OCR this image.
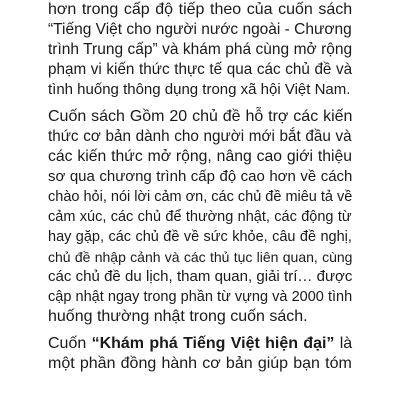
hơn trong cấp độ tiếp theo của cuốn sách
“Tiếng Việt cho người nước ngoài - Chương
trình Trung cấp” và khám phá cùng mở rộng
phạm vi kiến thức thực tế qua các chủ đề và
tình huống thông dụng trong xã hội Việt Nam.
Cuốn sách Gồm 20 chủ đề hỗ trợ các kiến
thức cơ bản dành cho người mới bắt đầu và
các kiến thức mở rộng, nâng cao giới thiệu
sơ qua chương trình cấp độ cao hơn về cách
chào hỏi, nói lời cảm ơn, các chủ đề miêu tả về
cảm xúc, các chủ để thường nhật, các động từ
hay gặp, các chủ đề về sức khỏe, câu đề nghị,
chủ đề nhập cảnh và các thủ tục liên quan, cùng
các chủ đề du lịch, tham quan, giải trí… được
cập nhật ngay trong phần từ vựng và 2000 tình
huống thường nhật trong cuốn sách.
Cuốn “Khám phá Tiếng Việt hiện đại” là
một phần đồng hành cơ bản giúp bạn tóm
